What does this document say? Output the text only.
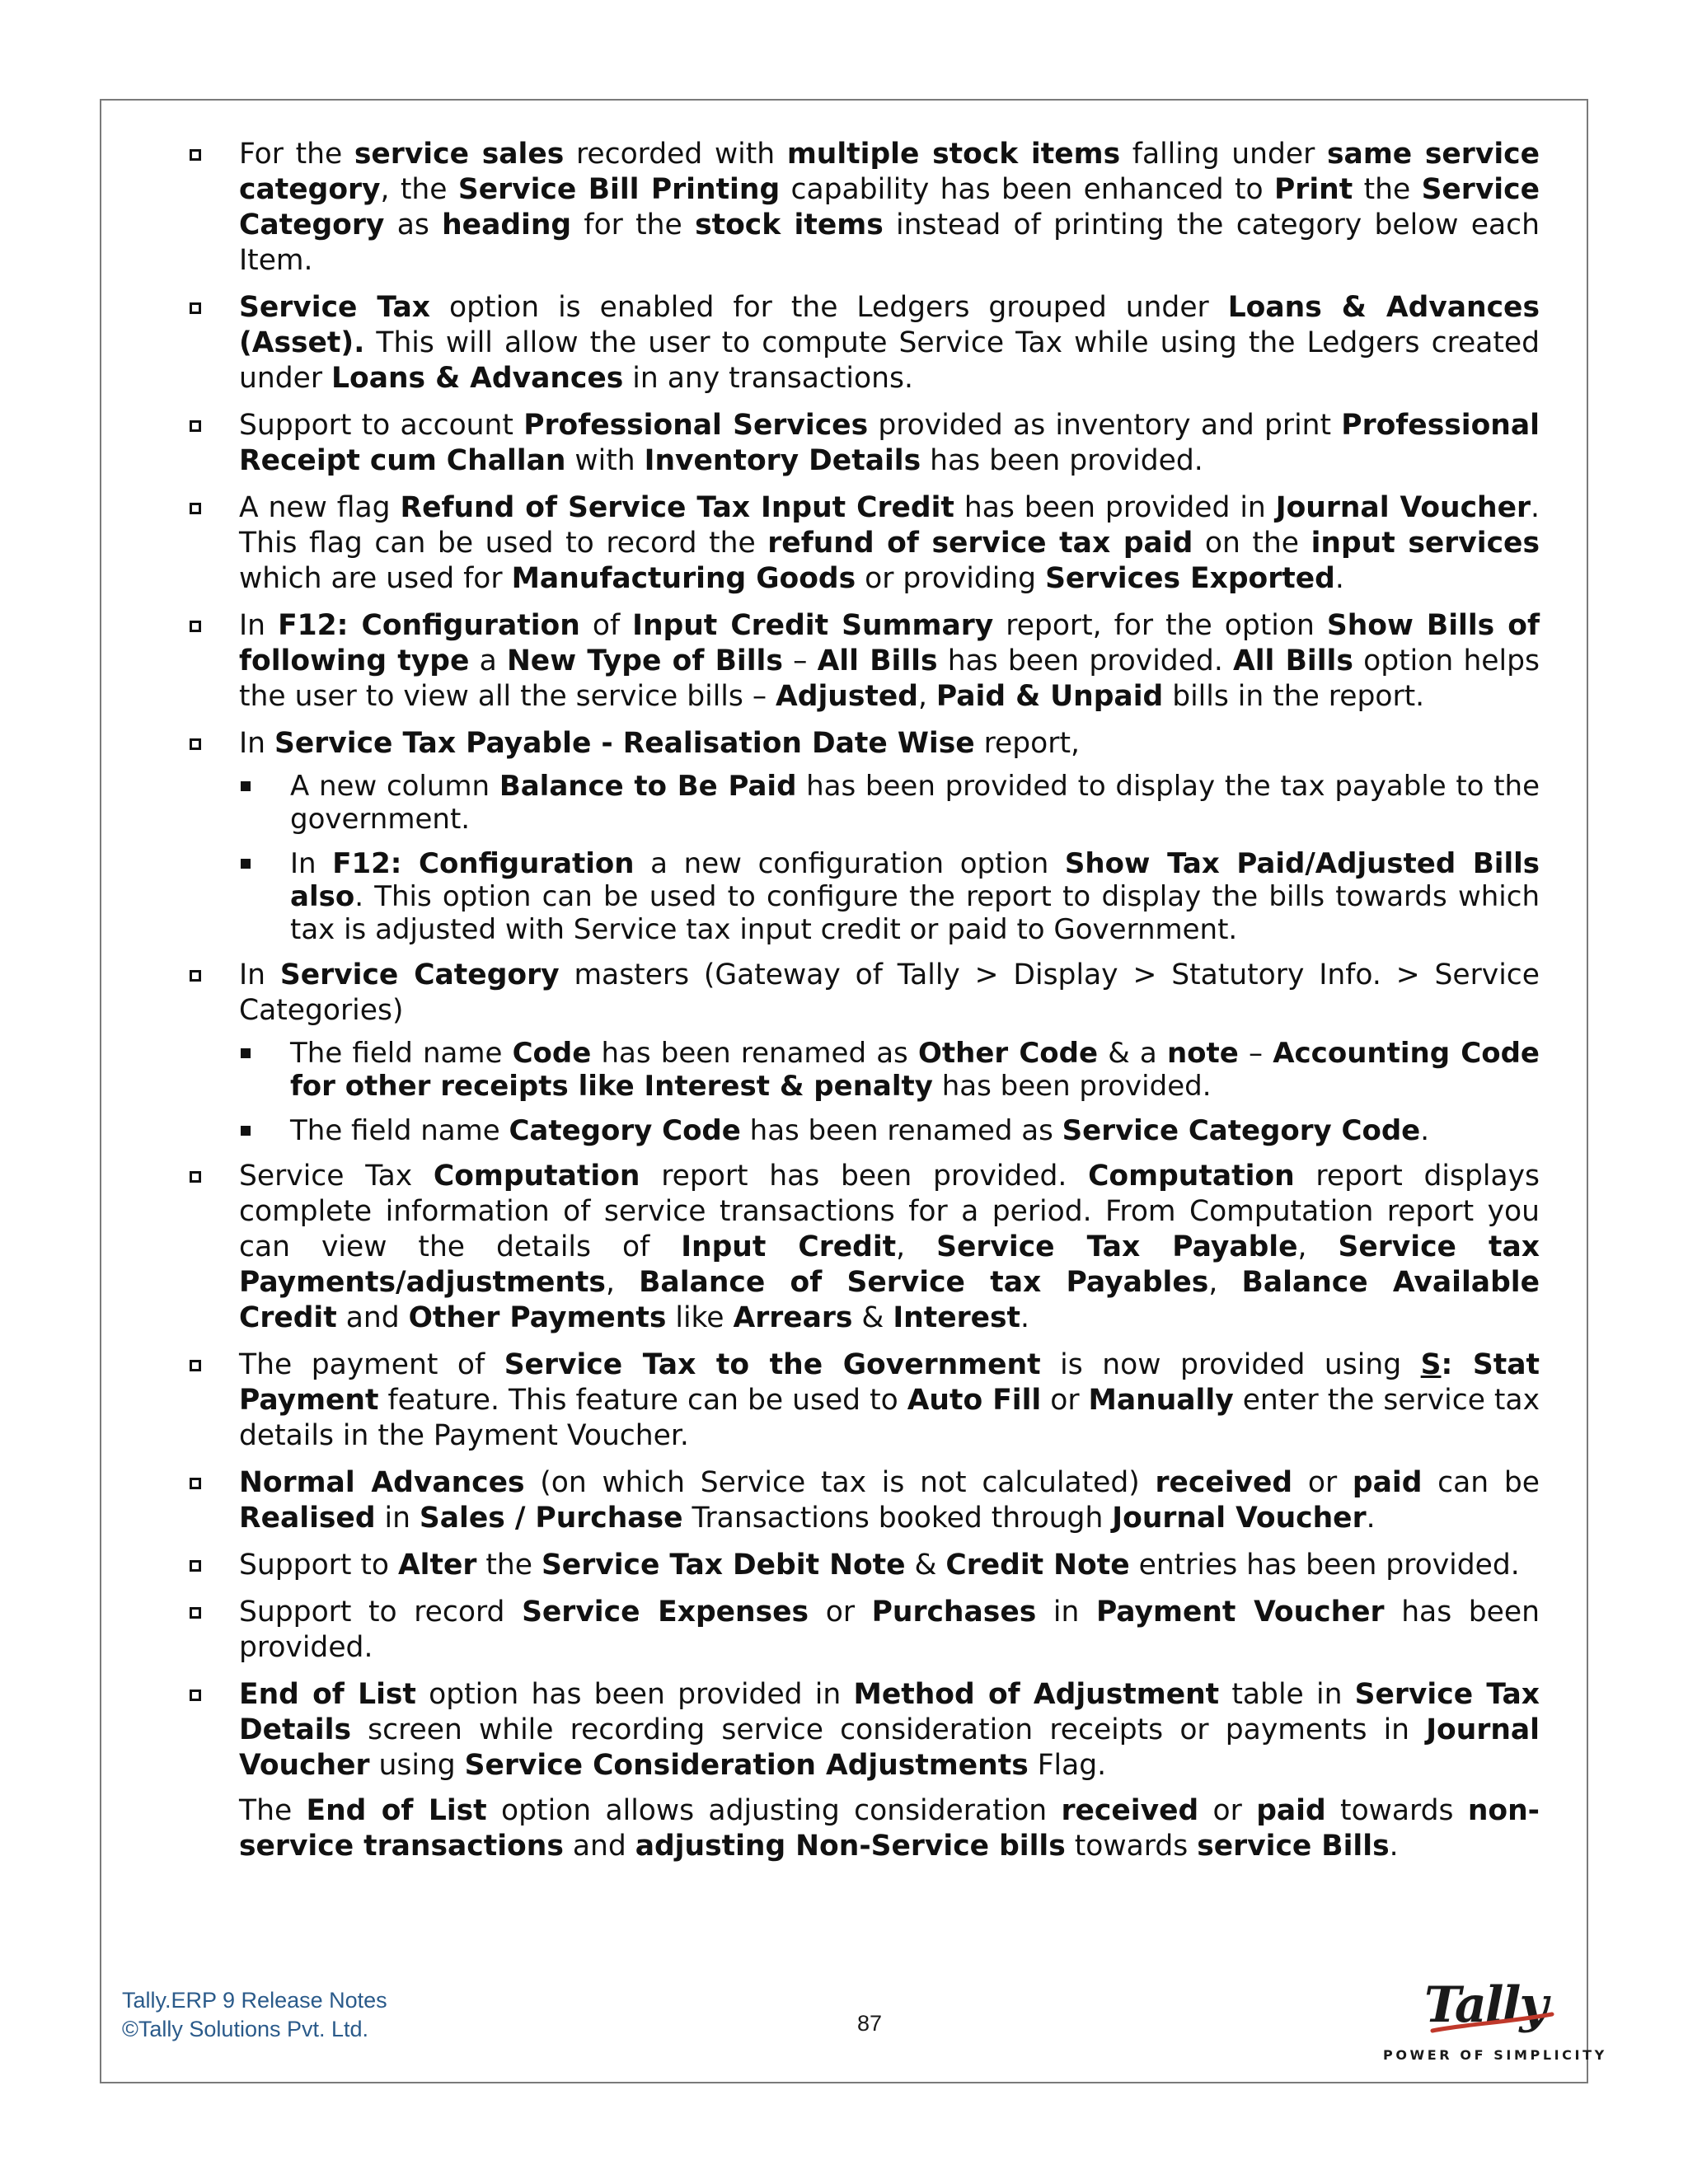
For the service sales recorded with multiple stock items falling under same service category, the Service Bill Printing capability has been enhanced to Print the Service Category as heading for the stock items instead of printing the category below each Item.

Service Tax option is enabled for the Ledgers grouped under Loans & Advances (Asset). This will allow the user to compute Service Tax while using the Ledgers created under Loans & Advances in any transactions.

Support to account Professional Services provided as inventory and print Professional Receipt cum Challan with Inventory Details has been provided.

A new flag Refund of Service Tax Input Credit has been provided in Journal Voucher. This flag can be used to record the refund of service tax paid on the input services which are used for Manufacturing Goods or providing Services Exported.

In F12: Configuration of Input Credit Summary report, for the option Show Bills of following type a New Type of Bills – All Bills has been provided. All Bills option helps the user to view all the service bills – Adjusted, Paid & Unpaid bills in the report.

In Service Tax Payable - Realisation Date Wise report,

A new column Balance to Be Paid has been provided to display the tax payable to the government.

In F12: Configuration a new configuration option Show Tax Paid/Adjusted Bills also. This option can be used to configure the report to display the bills towards which tax is adjusted with Service tax input credit or paid to Government.

In Service Category masters (Gateway of Tally > Display > Statutory Info. > Service Categories)

The field name Code has been renamed as Other Code & a note – Accounting Code for other receipts like Interest & penalty has been provided.

The field name Category Code has been renamed as Service Category Code.

Service Tax Computation report has been provided. Computation report displays complete information of service transactions for a period. From Computation report you can view the details of Input Credit, Service Tax Payable, Service tax Payments/adjustments, Balance of Service tax Payables, Balance Available Credit and Other Payments like Arrears & Interest.

The payment of Service Tax to the Government is now provided using S: Stat Payment feature. This feature can be used to Auto Fill or Manually enter the service tax details in the Payment Voucher.

Normal Advances (on which Service tax is not calculated) received or paid can be Realised in Sales / Purchase Transactions booked through Journal Voucher.

Support to Alter the Service Tax Debit Note & Credit Note entries has been provided.

Support to record Service Expenses or Purchases in Payment Voucher has been provided.

End of List option has been provided in Method of Adjustment table in Service Tax Details screen while recording service consideration receipts or payments in Journal Voucher using Service Consideration Adjustments Flag.

The End of List option allows adjusting consideration received or paid towards non-service transactions and adjusting Non-Service bills towards service Bills.

Tally.ERP 9 Release Notes
©Tally Solutions Pvt. Ltd.	87	Tally
POWER OF SIMPLICITY
